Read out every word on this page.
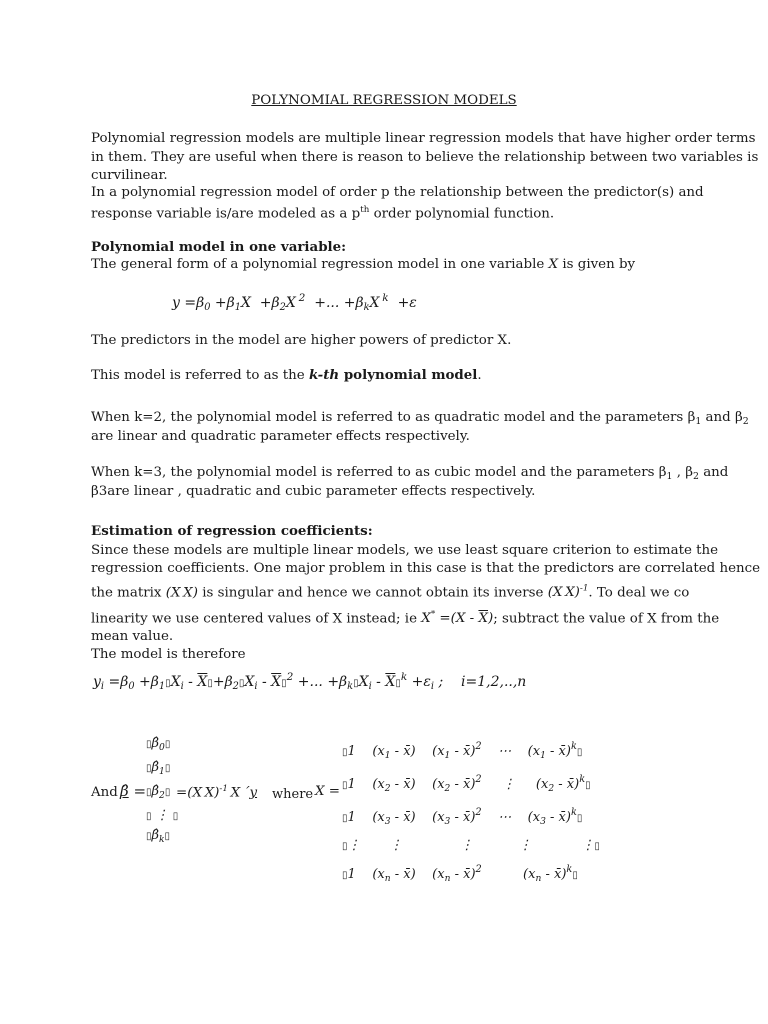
POLYNOMIAL REGRESSION MODELS
Polynomial regression models are multiple linear regression models that have higher order terms
in them. They are useful when there is reason to believe the relationship between two variables is
curvilinear.
In a polynomial regression model of order p the relationship between the predictor(s) and
response variable is/are modeled as a $p^{th}$ order polynomial function.
Polynomial model in one variable:
The general form of a polynomial regression model in one variable X is given by
$y =\beta_0 +\beta_1X +\beta_2X$ $^2$  +... $+\beta_kX$ $^k$  +ε
The predictors in the model are higher powers of predictor X.
This model is referred to as the k-th polynomial model.
When k=2, the polynomial model is referred to as quadratic model and the parameters $\beta_1$ and $\beta_2$
are linear and quadratic parameter effects respectively.
When k=3, the polynomial model is referred to as cubic model and the parameters $\beta_1$ , $\beta_2$ and
β3are linear , quadratic and cubic parameter effects respectively.
Estimation of regression coefficients:
Since these models are multiple linear models, we use least square criterion to estimate the
regression coefficients. One major problem in this case is that the predictors are correlated hence
the matrix (X X) is singular and hence we cannot obtain its inverse (X X)$^{-1}$. To deal we co
linearity we use centered values of X instead; ie $X^* =(X - \overline{X})$; subtract the value of X from the
mean value.
The model is therefore
$y_i =\beta_0$ $+\beta_1▯X_i$ - $\overline{X}▯+\beta_2▯X_i$ - $\overline{X}▯^2$ +... $+\beta_k▯X_i$ - $\overline{X}▯^k +\varepsilon_i$ ;    i=1,2,..,n
And β̂ =
$▯\betâ_0▯$
$▯\betâ_1▯$
$▯\betâ_2▯$
▯ ⋮ ▯
$▯\betâ_k▯$
=(X X)$^{-1}$ X ´y where X =
▯1    ($x_1$ - x̄)    ($x_1$ - x̄)$^2$    ⋯    ($x_1$ - x̄)$^k$▯
▯1    ($x_2$ - x̄)    ($x_2$ - x̄)$^2$     ⋮     ($x_2$ - x̄)$^k$▯
▯1    ($x_3$ - x̄)    ($x_3$ - x̄)$^2$    ⋯    ($x_3$ - x̄)$^k$▯
▯⋮       ⋮              ⋮           ⋮            ⋮▯
▯1    ($x_n$ - x̄)    ($x_n$ - x̄)$^2$          ($x_n$ - x̄)$^k$▯
